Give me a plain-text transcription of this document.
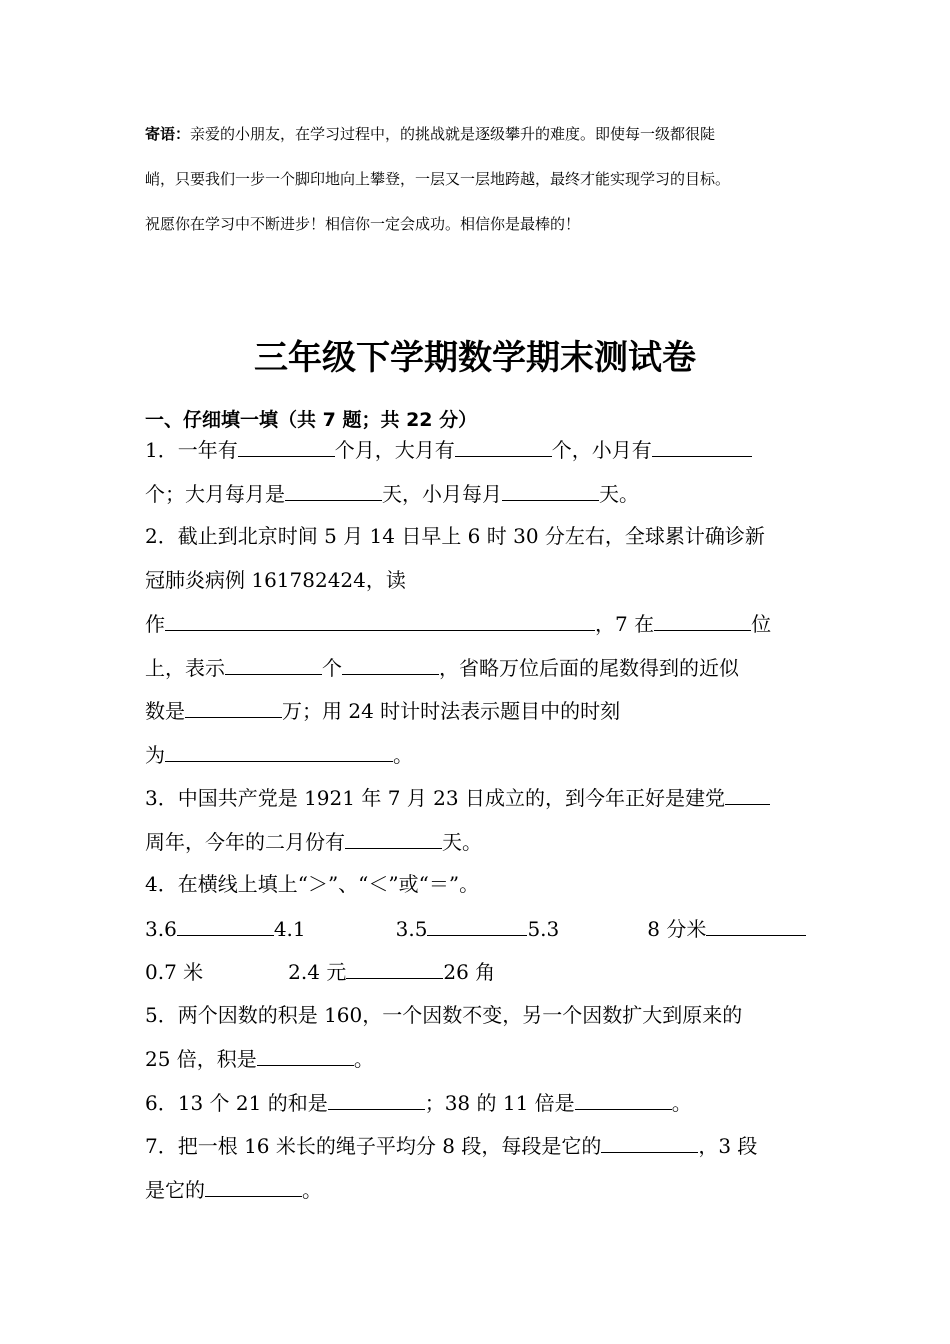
寄语：亲爱的小朋友，在学习过程中，的挑战就是逐级攀升的难度。即使每一级都很陡
峭，只要我们一步一个脚印地向上攀登，一层又一层地跨越，最终才能实现学习的目标。
祝愿你在学习中不断进步！相信你一定会成功。相信你是最棒的！
三年级下学期数学期末测试卷
一、仔细填一填（共 7 题；共 22 分）
1．一年有	个月，大月有	个，小月有
个；大月每月是	天，小月每月	天。
2．截止到北京时间 5 月 14 日早上 6 时 30 分左右，全球累计确诊新
冠肺炎病例 161782424，读
作	，7 在	位
上，表示	个	，省略万位后面的尾数得到的近似
数是	万；用 24 时计时法表示题目中的时刻
为	。
3．中国共产党是 1921 年 7 月 23 日成立的，到今年正好是建党
周年，今年的二月份有	天。
4．在横线上填上“＞”、“＜”或“＝”。
3.6	4.1	3.5	5.3	8 分米
0.7 米	2.4 元	26 角
5．两个因数的积是 160，一个因数不变，另一个因数扩大到原来的
25 倍，积是	。
6．13 个 21 的和是	；38 的 11 倍是	。
7．把一根 16 米长的绳子平均分 8 段，每段是它的	，3 段
是它的	。
